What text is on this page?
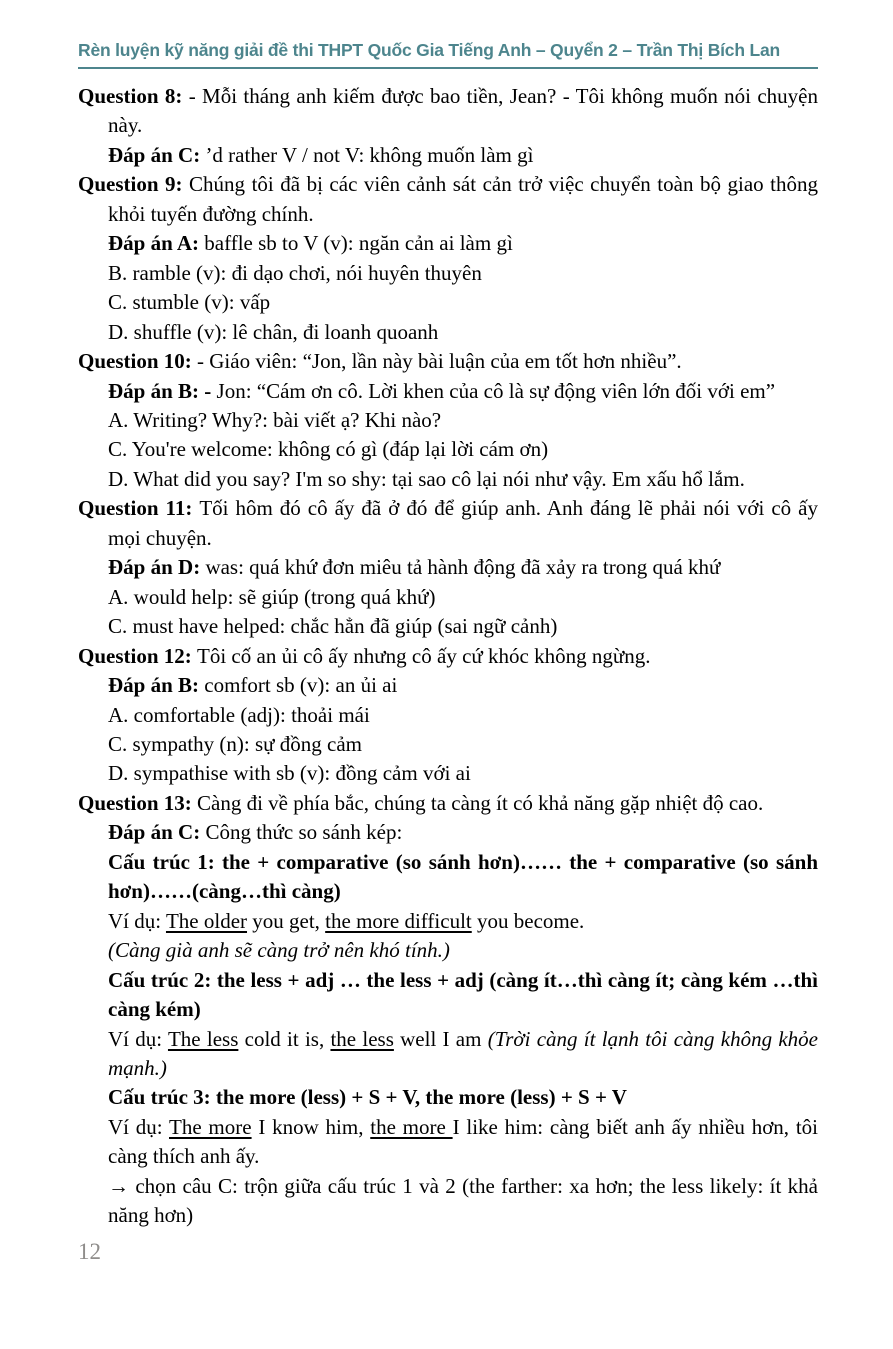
Rèn luyện kỹ năng giải đề thi THPT Quốc Gia Tiếng Anh – Quyển 2 – Trần Thị Bích Lan
Question 8: - Mỗi tháng anh kiếm được bao tiền, Jean? - Tôi không muốn nói chuyện này.
Đáp án C: ’d rather V / not V: không muốn làm gì
Question 9: Chúng tôi đã bị các viên cảnh sát cản trở việc chuyển toàn bộ giao thông khỏi tuyến đường chính.
Đáp án A: baffle sb to V (v): ngăn cản ai làm gì
B. ramble (v): đi dạo chơi, nói huyên thuyên
C. stumble (v): vấp
D. shuffle (v): lê chân, đi loanh quoanh
Question 10: - Giáo viên: “Jon, lần này bài luận của em tốt hơn nhiều”.
Đáp án B: - Jon: “Cám ơn cô. Lời khen của cô là sự động viên lớn đối với em”
A. Writing? Why?: bài viết ạ? Khi nào?
C. You're welcome: không có gì (đáp lại lời cám ơn)
D. What did you say? I'm so shy: tại sao cô lại nói như vậy. Em xấu hổ lắm.
Question 11: Tối hôm đó cô ấy đã ở đó để giúp anh. Anh đáng lẽ phải nói với cô ấy mọi chuyện.
Đáp án D: was: quá khứ đơn miêu tả hành động đã xảy ra trong quá khứ
A. would help: sẽ giúp (trong quá khứ)
C. must have helped: chắc hẳn đã giúp (sai ngữ cảnh)
Question 12: Tôi cố an ủi cô ấy nhưng cô ấy cứ khóc không ngừng.
Đáp án B: comfort sb (v): an ủi ai
A. comfortable (adj): thoải mái
C. sympathy (n): sự đồng cảm
D. sympathise with sb (v): đồng cảm với ai
Question 13: Càng đi về phía bắc, chúng ta càng ít có khả năng gặp nhiệt độ cao.
Đáp án C: Công thức so sánh kép:
Cấu trúc 1: the + comparative (so sánh hơn)…… the + comparative (so sánh hơn)……(càng…thì càng)
Ví dụ: The older you get, the more difficult you become.
(Càng già anh sẽ càng trở nên khó tính.)
Cấu trúc 2: the less + adj … the less + adj (càng ít…thì càng ít; càng kém …thì càng kém)
Ví dụ: The less cold it is, the less well I am (Trời càng ít lạnh tôi càng không khỏe mạnh.)
Cấu trúc 3: the more (less) + S + V, the more (less) + S + V
Ví dụ: The more I know him, the more I like him: càng biết anh ấy nhiều hơn, tôi càng thích anh ấy.
→ chọn câu C: trộn giữa cấu trúc 1 và 2 (the farther: xa hơn; the less likely: ít khả năng hơn)
12
